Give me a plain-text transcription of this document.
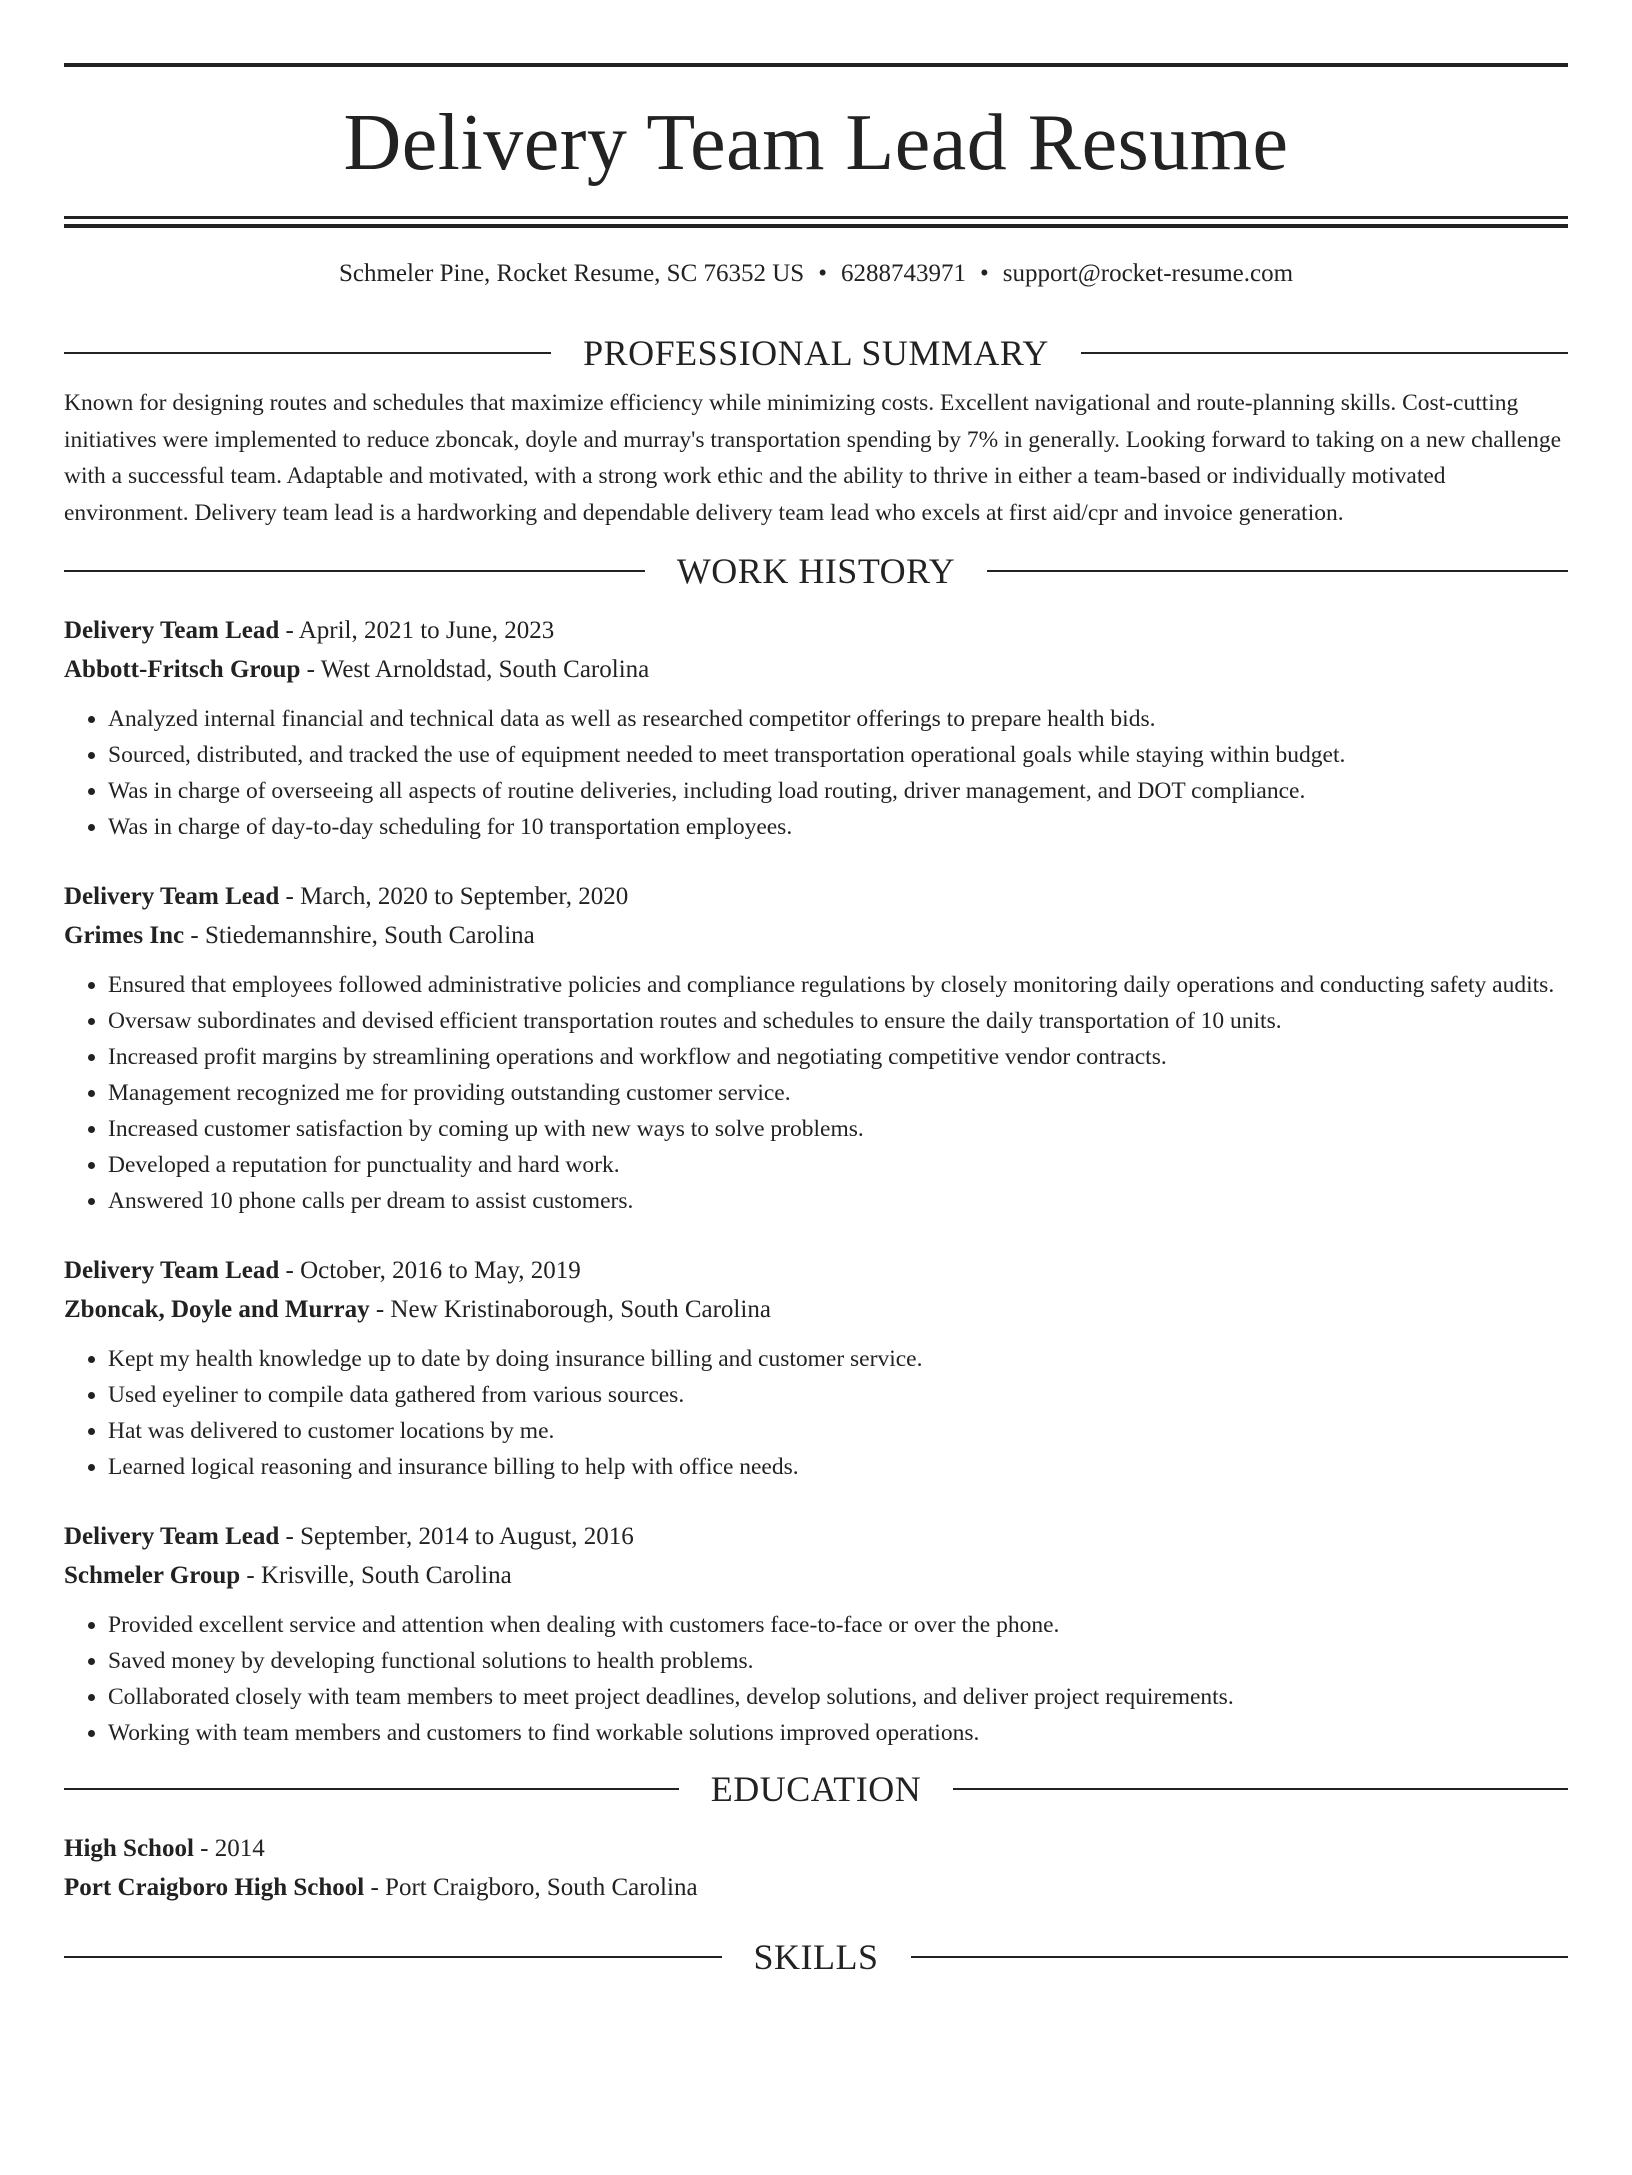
Delivery Team Lead Resume
Schmeler Pine, Rocket Resume, SC 76352 US • 6288743971 • support@rocket-resume.com
PROFESSIONAL SUMMARY

Known for designing routes and schedules that maximize efficiency while minimizing costs. Excellent navigational and route-planning skills. Cost-cutting initiatives were implemented to reduce zboncak, doyle and murray's transportation spending by 7% in generally. Looking forward to taking on a new challenge with a successful team. Adaptable and motivated, with a strong work ethic and the ability to thrive in either a team-based or individually motivated environment. Delivery team lead is a hardworking and dependable delivery team lead who excels at first aid/cpr and invoice generation.

WORK HISTORY
Delivery Team Lead - April, 2021 to June, 2023
Abbott-Fritsch Group - West Arnoldstad, South Carolina
• Analyzed internal financial and technical data as well as researched competitor offerings to prepare health bids.
• Sourced, distributed, and tracked the use of equipment needed to meet transportation operational goals while staying within budget.
• Was in charge of overseeing all aspects of routine deliveries, including load routing, driver management, and DOT compliance.
• Was in charge of day-to-day scheduling for 10 transportation employees.
Delivery Team Lead - March, 2020 to September, 2020
Grimes Inc - Stiedemannshire, South Carolina
• Ensured that employees followed administrative policies and compliance regulations by closely monitoring daily operations and conducting safety audits.
• Oversaw subordinates and devised efficient transportation routes and schedules to ensure the daily transportation of 10 units.
• Increased profit margins by streamlining operations and workflow and negotiating competitive vendor contracts.
• Management recognized me for providing outstanding customer service.
• Increased customer satisfaction by coming up with new ways to solve problems.
• Developed a reputation for punctuality and hard work.
• Answered 10 phone calls per dream to assist customers.
Delivery Team Lead - October, 2016 to May, 2019
Zboncak, Doyle and Murray - New Kristinaborough, South Carolina
• Kept my health knowledge up to date by doing insurance billing and customer service.
• Used eyeliner to compile data gathered from various sources.
• Hat was delivered to customer locations by me.
• Learned logical reasoning and insurance billing to help with office needs.
Delivery Team Lead - September, 2014 to August, 2016
Schmeler Group - Krisville, South Carolina
• Provided excellent service and attention when dealing with customers face-to-face or over the phone.
• Saved money by developing functional solutions to health problems.
• Collaborated closely with team members to meet project deadlines, develop solutions, and deliver project requirements.
• Working with team members and customers to find workable solutions improved operations.
EDUCATION
High School - 2014
Port Craigboro High School - Port Craigboro, South Carolina
SKILLS
